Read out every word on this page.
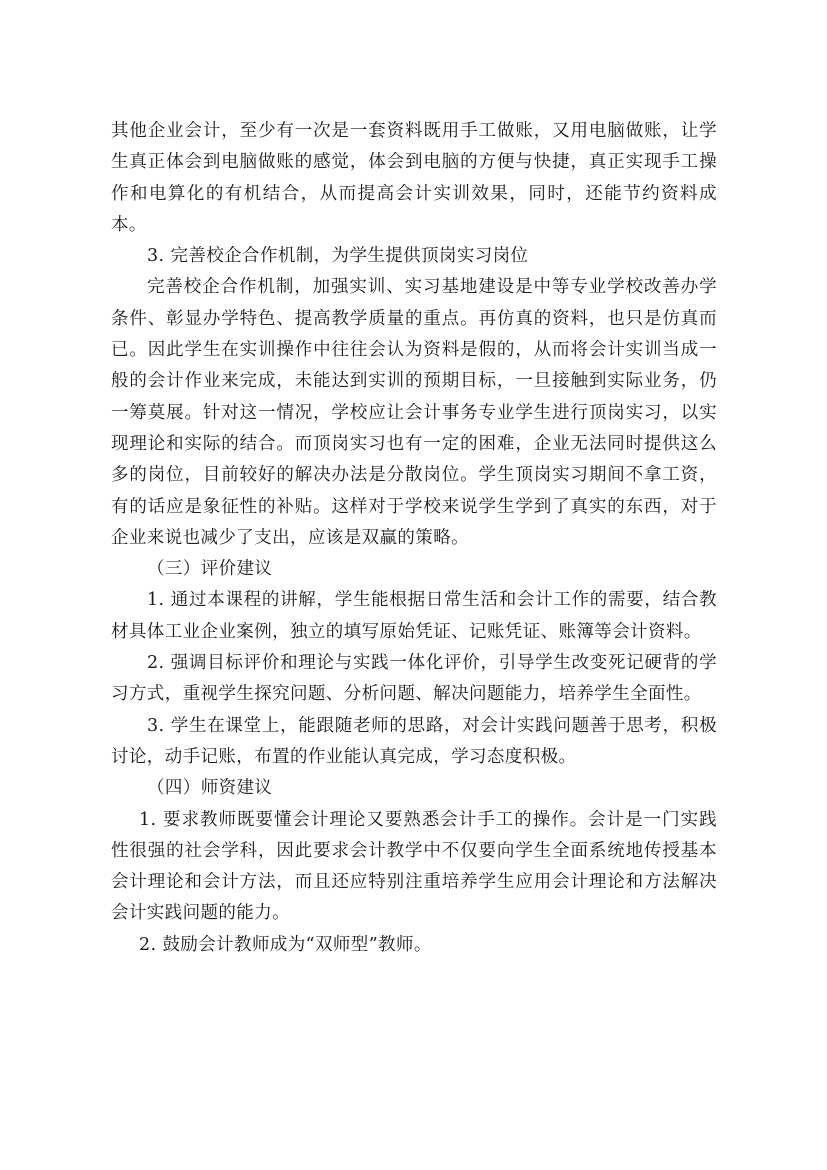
其他企业会计，至少有一次是一套资料既用手工做账，又用电脑做账，让学生真正体会到电脑做账的感觉，体会到电脑的方便与快捷，真正实现手工操作和电算化的有机结合，从而提高会计实训效果，同时，还能节约资料成本。

3. 完善校企合作机制，为学生提供顶岗实习岗位

完善校企合作机制，加强实训、实习基地建设是中等专业学校改善办学条件、彰显办学特色、提高教学质量的重点。再仿真的资料，也只是仿真而已。因此学生在实训操作中往往会认为资料是假的，从而将会计实训当成一般的会计作业来完成，未能达到实训的预期目标，一旦接触到实际业务，仍一筹莫展。针对这一情况，学校应让会计事务专业学生进行顶岗实习，以实现理论和实际的结合。而顶岗实习也有一定的困难，企业无法同时提供这么多的岗位，目前较好的解决办法是分散岗位。学生顶岗实习期间不拿工资，有的话应是象征性的补贴。这样对于学校来说学生学到了真实的东西，对于企业来说也减少了支出，应该是双赢的策略。

（三）评价建议

1. 通过本课程的讲解，学生能根据日常生活和会计工作的需要，结合教材具体工业企业案例，独立的填写原始凭证、记账凭证、账簿等会计资料。

2. 强调目标评价和理论与实践一体化评价，引导学生改变死记硬背的学习方式，重视学生探究问题、分析问题、解决问题能力，培养学生全面性。

3. 学生在课堂上，能跟随老师的思路，对会计实践问题善于思考，积极讨论，动手记账，布置的作业能认真完成，学习态度积极。

（四）师资建议

1. 要求教师既要懂会计理论又要熟悉会计手工的操作。会计是一门实践性很强的社会学科，因此要求会计教学中不仅要向学生全面系统地传授基本会计理论和会计方法，而且还应特别注重培养学生应用会计理论和方法解决会计实践问题的能力。

2. 鼓励会计教师成为“双师型”教师。
